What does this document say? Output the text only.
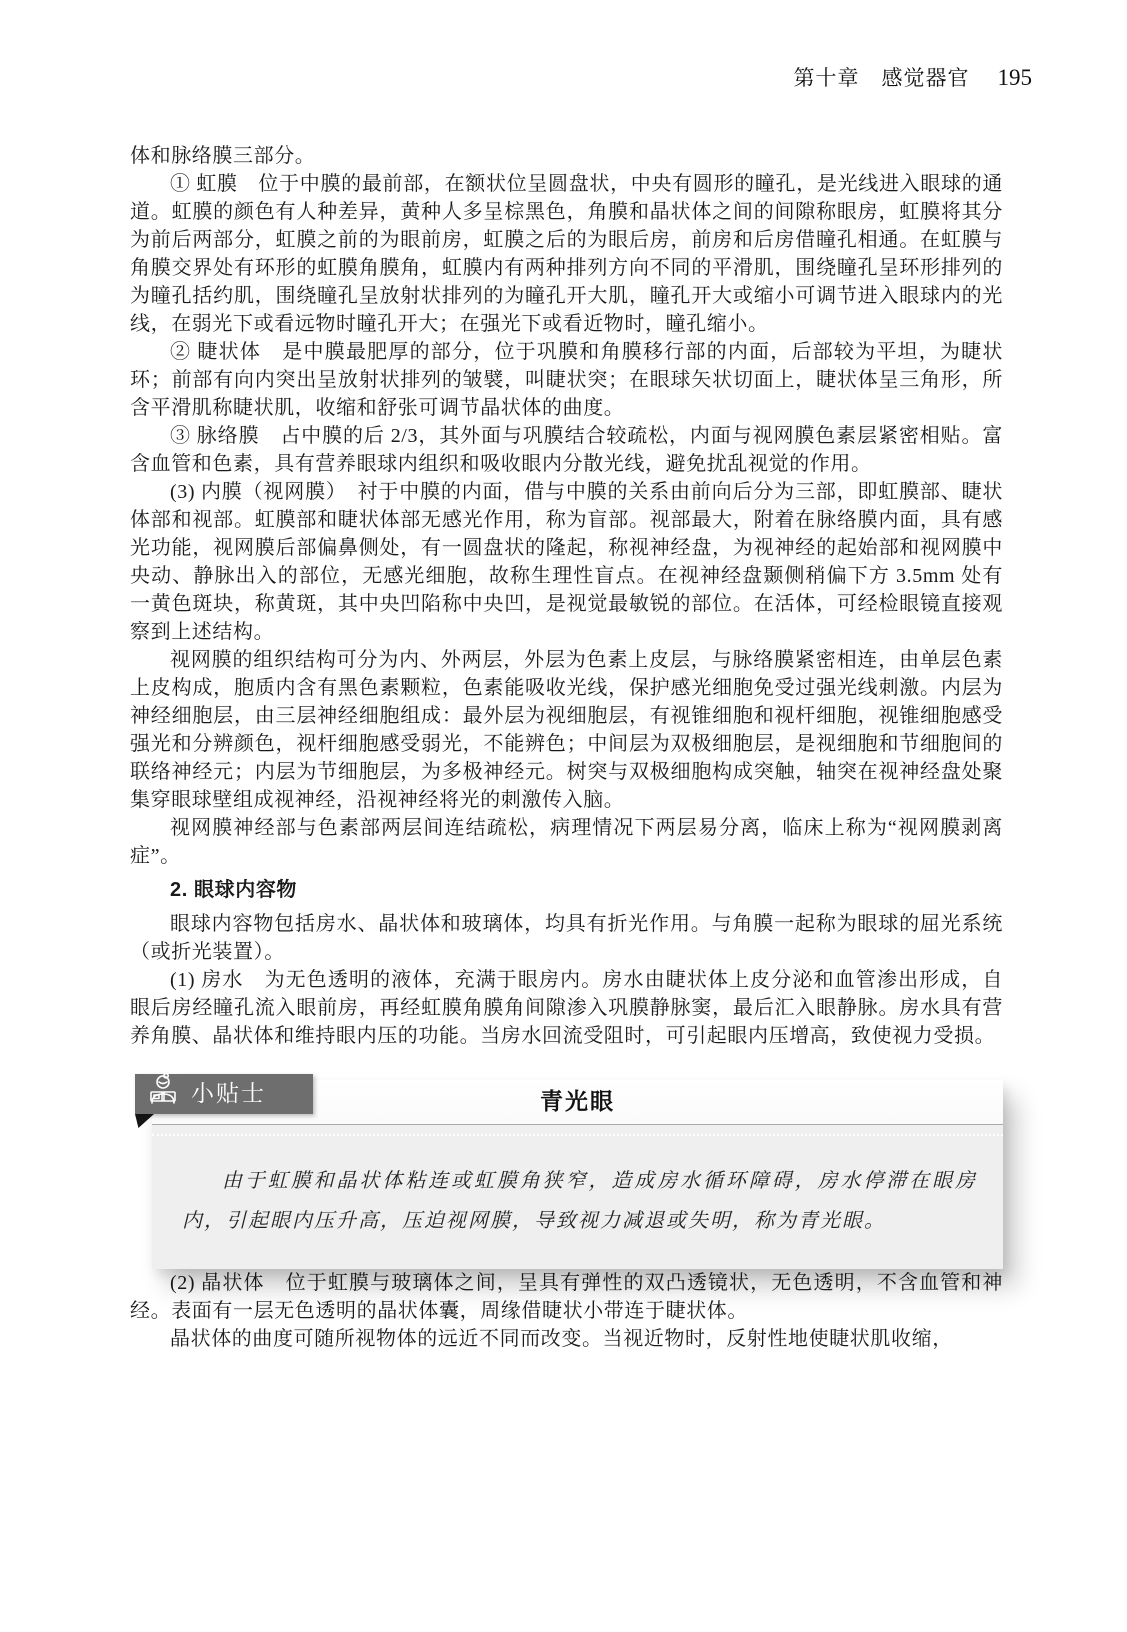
第十章　感觉器官 195

体和脉络膜三部分。

① 虹膜　位于中膜的最前部，在额状位呈圆盘状，中央有圆形的瞳孔，是光线进入眼球的通道。虹膜的颜色有人种差异，黄种人多呈棕黑色，角膜和晶状体之间的间隙称眼房，虹膜将其分为前后两部分，虹膜之前的为眼前房，虹膜之后的为眼后房，前房和后房借瞳孔相通。在虹膜与角膜交界处有环形的虹膜角膜角，虹膜内有两种排列方向不同的平滑肌，围绕瞳孔呈环形排列的为瞳孔括约肌，围绕瞳孔呈放射状排列的为瞳孔开大肌，瞳孔开大或缩小可调节进入眼球内的光线，在弱光下或看远物时瞳孔开大；在强光下或看近物时，瞳孔缩小。

② 睫状体　是中膜最肥厚的部分，位于巩膜和角膜移行部的内面，后部较为平坦，为睫状环；前部有向内突出呈放射状排列的皱襞，叫睫状突；在眼球矢状切面上，睫状体呈三角形，所含平滑肌称睫状肌，收缩和舒张可调节晶状体的曲度。

③ 脉络膜　占中膜的后 2/3，其外面与巩膜结合较疏松，内面与视网膜色素层紧密相贴。富含血管和色素，具有营养眼球内组织和吸收眼内分散光线，避免扰乱视觉的作用。

(3) 内膜（视网膜）　衬于中膜的内面，借与中膜的关系由前向后分为三部，即虹膜部、睫状体部和视部。虹膜部和睫状体部无感光作用，称为盲部。视部最大，附着在脉络膜内面，具有感光功能，视网膜后部偏鼻侧处，有一圆盘状的隆起，称视神经盘，为视神经的起始部和视网膜中央动、静脉出入的部位，无感光细胞，故称生理性盲点。在视神经盘颞侧稍偏下方 3.5mm 处有一黄色斑块，称黄斑，其中央凹陷称中央凹，是视觉最敏锐的部位。在活体，可经检眼镜直接观察到上述结构。

视网膜的组织结构可分为内、外两层，外层为色素上皮层，与脉络膜紧密相连，由单层色素上皮构成，胞质内含有黑色素颗粒，色素能吸收光线，保护感光细胞免受过强光线刺激。内层为神经细胞层，由三层神经细胞组成：最外层为视细胞层，有视锥细胞和视杆细胞，视锥细胞感受强光和分辨颜色，视杆细胞感受弱光，不能辨色；中间层为双极细胞层，是视细胞和节细胞间的联络神经元；内层为节细胞层，为多极神经元。树突与双极细胞构成突触，轴突在视神经盘处聚集穿眼球壁组成视神经，沿视神经将光的刺激传入脑。

视网膜神经部与色素部两层间连结疏松，病理情况下两层易分离，临床上称为“视网膜剥离症”。

2. 眼球内容物

眼球内容物包括房水、晶状体和玻璃体，均具有折光作用。与角膜一起称为眼球的屈光系统（或折光装置）。

(1) 房水　为无色透明的液体，充满于眼房内。房水由睫状体上皮分泌和血管渗出形成，自眼后房经瞳孔流入眼前房，再经虹膜角膜角间隙渗入巩膜静脉窦，最后汇入眼静脉。房水具有营养角膜、晶状体和维持眼内压的功能。当房水回流受阻时，可引起眼内压增高，致使视力受损。

小贴士	青光眼

由于虹膜和晶状体粘连或虹膜角狭窄，造成房水循环障碍，房水停滞在眼房内，引起眼内压升高，压迫视网膜，导致视力减退或失明，称为青光眼。

(2) 晶状体　位于虹膜与玻璃体之间，呈具有弹性的双凸透镜状，无色透明，不含血管和神经。表面有一层无色透明的晶状体囊，周缘借睫状小带连于睫状体。

晶状体的曲度可随所视物体的远近不同而改变。当视近物时，反射性地使睫状肌收缩，
